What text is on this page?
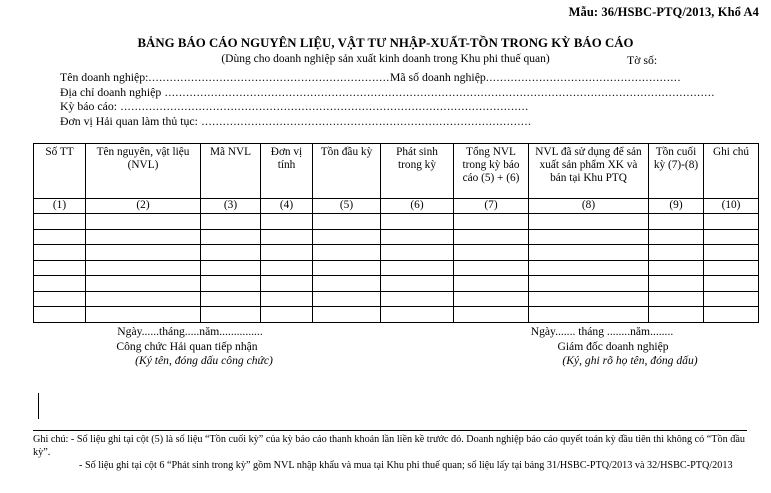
Mẫu: 36/HSBC-PTQ/2013, Khổ A4
BẢNG BÁO CÁO NGUYÊN LIỆU, VẬT TƯ NHẬP-XUẤT-TỒN TRONG KỲ BÁO CÁO
(Dùng cho doanh nghiệp sản xuất kinh doanh trong Khu phi thuế quan)	Tờ số:
Tên doanh nghiệp:....................................................................Mã số doanh nghiệp.......................................................
Địa chỉ doanh nghiệp ...........................................................................................................................................................
Kỳ báo cáo: ...................................................................................................................
Đơn vị Hải quan làm thủ tục: .............................................................................................
Số TT	Tên nguyên, vật liệu (NVL)	Mã NVL	Đơn vị tính	Tồn đầu kỳ	Phát sinh trong kỳ	Tổng NVL trong kỳ báo cáo (5) + (6)	NVL đã sử dụng để sản xuất sản phẩm XK và bán tại Khu PTQ	Tồn cuối kỳ (7)-(8)	Ghi chú

(1)	(2)	(3)	(4)	(5)	(6)	(7)	(8)	(9)	(10)

Ngày......tháng.....năm...............
Công chức Hải quan tiếp nhận
(Ký tên, đóng dấu công chức)
Ngày....... tháng ........năm........
Giám đốc doanh nghiệp
(Ký, ghi rõ họ tên, đóng dấu)

Ghi chú: - Số liệu ghi tại cột (5) là số liệu “Tồn cuối kỳ” của kỳ báo cáo thanh khoản lần liền kề trước đó. Doanh nghiệp báo cáo quyết toán kỳ đầu tiên thì không có “Tồn đầu kỳ”.

- Số liệu ghi tại cột 6 “Phát sinh trong kỳ” gồm NVL nhập khẩu và mua tại Khu phi thuế quan; số liệu lấy tại bảng 31/HSBC-PTQ/2013 và 32/HSBC-PTQ/2013
